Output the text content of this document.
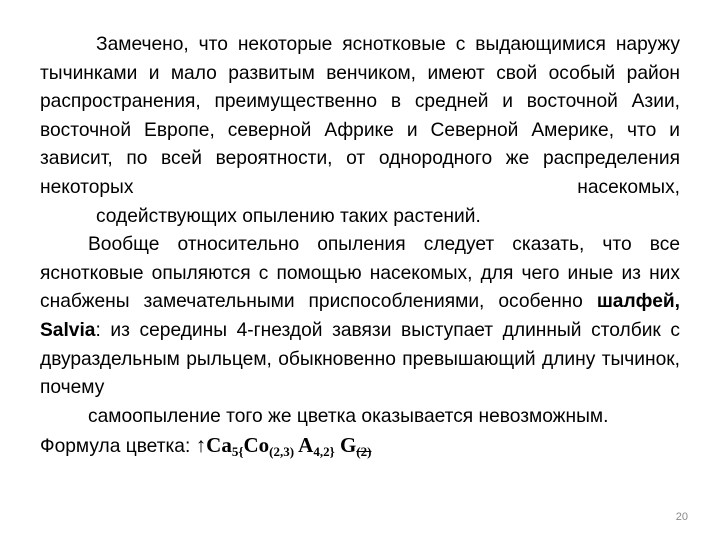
Замечено, что некоторые яснотковые с выдающимися наружу тычинками и мало развитым венчиком, имеют свой особый район распространения, преимущественно в средней и восточной Азии, восточной Европе, северной Африке и Северной Америке, что и зависит, по всей вероятности, от однородного же распределения некоторых насекомых,
содействующих опылению таких растений.

Вообще относительно опыления следует сказать, что все яснотковые опыляются с помощью насекомых, для чего иные из них снабжены замечательными приспособлениями, особенно шалфей, Salvia: из середины 4-гнездой завязи выступает длинный столбик с двураздельным рыльцем, обыкновенно превышающий длину тычинок, почему
самоопыление того же цветка оказывается невозможным.

Формула цветка: $↑Ca_{5\{}Co_{(2,3)}$ $A_{4,2\}}$ $G_{(2)}$

20
